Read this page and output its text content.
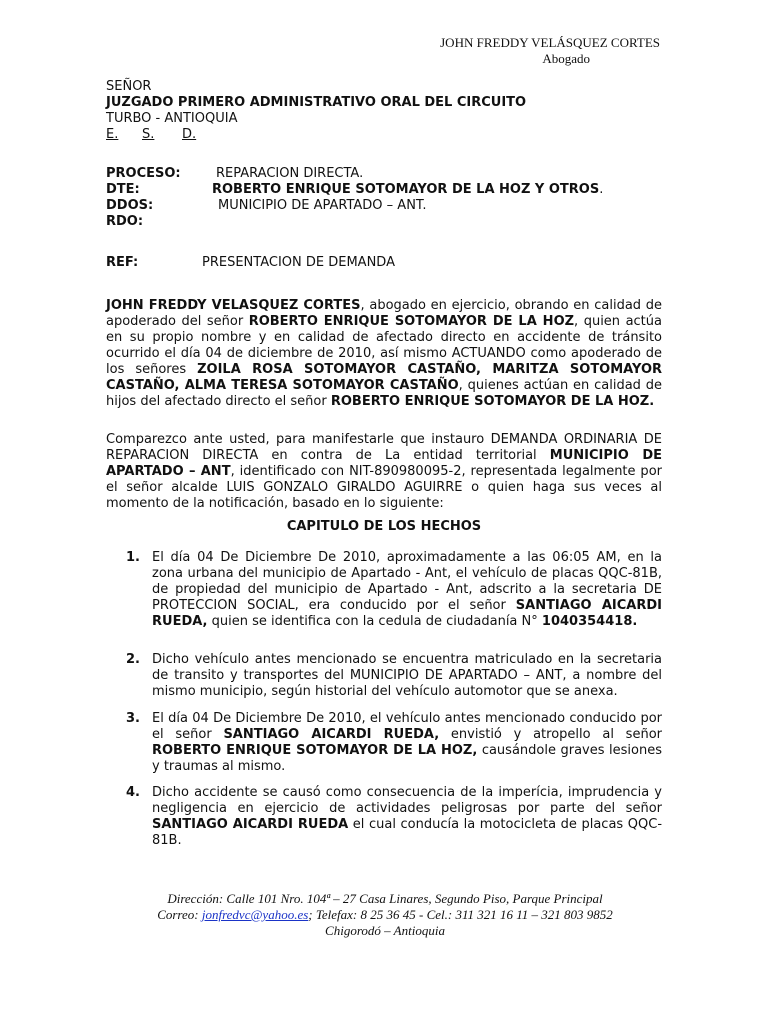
JOHN FREDDY VELÁSQUEZ CORTES
Abogado
SEÑOR
JUZGADO PRIMERO ADMINISTRATIVO ORAL DEL CIRCUITO
TURBO - ANTIOQUIA
E. S. D.
PROCESO:	REPARACION DIRECTA.
DTE:	ROBERTO ENRIQUE SOTOMAYOR DE LA HOZ Y OTROS.
DDOS:	MUNICIPIO DE APARTADO – ANT.
RDO:
REF:	PRESENTACION DE DEMANDA
JOHN FREDDY VELASQUEZ CORTES, abogado en ejercicio, obrando en calidad de apoderado del señor ROBERTO ENRIQUE SOTOMAYOR DE LA HOZ, quien actúa en su propio nombre y en calidad de afectado directo en accidente de tránsito ocurrido el día 04 de diciembre de 2010, así mismo ACTUANDO como apoderado de los señores ZOILA ROSA SOTOMAYOR CASTAÑO, MARITZA SOTOMAYOR CASTAÑO, ALMA TERESA SOTOMAYOR CASTAÑO, quienes actúan en calidad de hijos del afectado directo el señor ROBERTO ENRIQUE SOTOMAYOR DE LA HOZ.
Comparezco ante usted, para manifestarle que instauro DEMANDA ORDINARIA DE REPARACION DIRECTA en contra de La entidad territorial MUNICIPIO DE APARTADO – ANT, identificado con NIT-890980095-2, representada legalmente por el señor alcalde LUIS GONZALO GIRALDO AGUIRRE o quien haga sus veces al momento de la notificación, basado en lo siguiente:
CAPITULO DE LOS HECHOS
1. El día 04 De Diciembre De 2010, aproximadamente a las 06:05 AM, en la zona urbana del municipio de Apartado - Ant, el vehículo de placas QQC-81B, de propiedad del municipio de Apartado - Ant, adscrito a la secretaria DE PROTECCION SOCIAL, era conducido por el señor SANTIAGO AICARDI RUEDA, quien se identifica con la cedula de ciudadanía N° 1040354418.
2. Dicho vehículo antes mencionado se encuentra matriculado en la secretaria de transito y transportes del MUNICIPIO DE APARTADO – ANT, a nombre del mismo municipio, según historial del vehículo automotor que se anexa.
3. El día 04 De Diciembre De 2010, el vehículo antes mencionado conducido por el señor SANTIAGO AICARDI RUEDA, envistió y atropello al señor ROBERTO ENRIQUE SOTOMAYOR DE LA HOZ, causándole graves lesiones y traumas al mismo.
4. Dicho accidente se causó como consecuencia de la imperícia, imprudencia y negligencia en ejercicio de actividades peligrosas por parte del señor SANTIAGO AICARDI RUEDA el cual conducía la motocicleta de placas QQC-81B.
Dirección: Calle 101 Nro. 104ª – 27 Casa Linares, Segundo Piso, Parque Principal
Correo: jonfredvc@yahoo.es; Telefax: 8 25 36 45 - Cel.: 311 321 16 11 – 321 803 9852
Chigorodó – Antioquia
